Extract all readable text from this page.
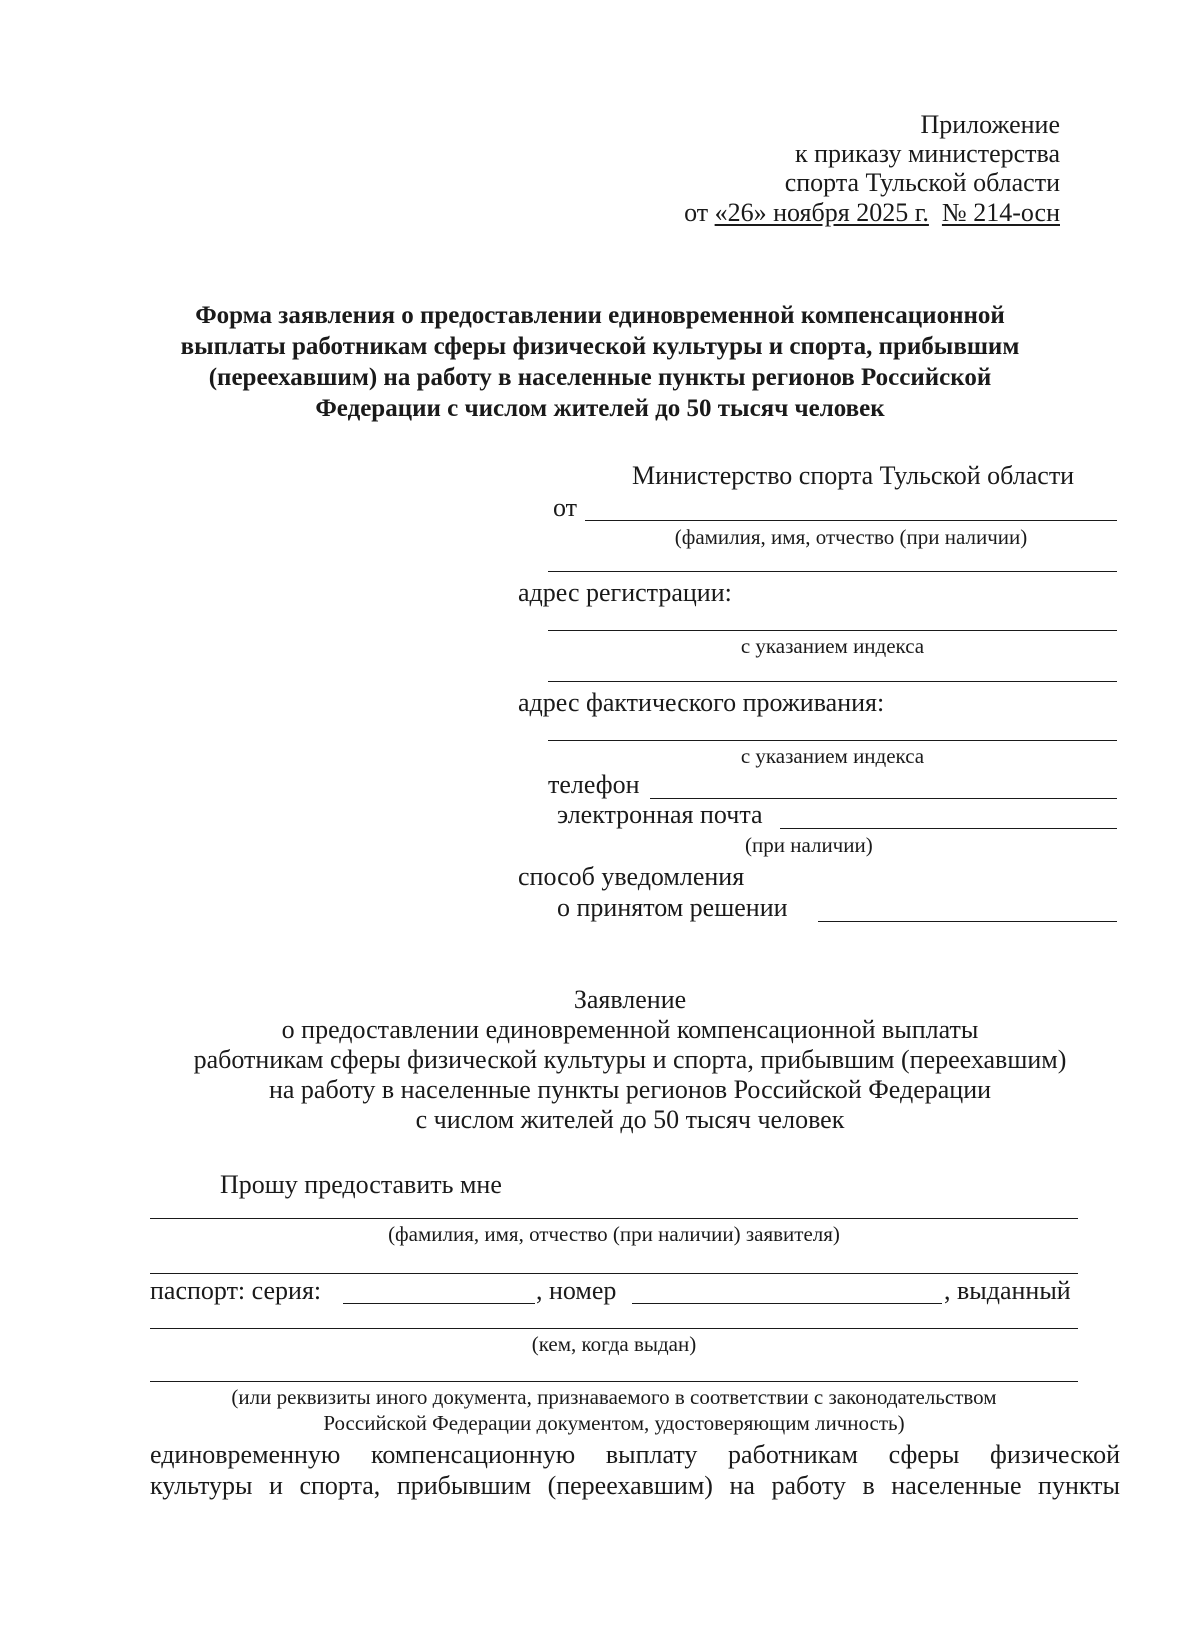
Приложение
к приказу министерства
спорта Тульской области
от «26» ноября 2025 г. № 214-осн
Форма заявления о предоставлении единовременной компенсационной
выплаты работникам сферы физической культуры и спорта, прибывшим
(переехавшим) на работу в населенные пункты регионов Российской
Федерации с числом жителей до 50 тысяч человек
Министерство спорта Тульской области
от
(фамилия, имя, отчество (при наличии)
адрес регистрации:
с указанием индекса
адрес фактического проживания:
с указанием индекса
телефон
электронная почта
(при наличии)
способ уведомления
о принятом решении
Заявление
о предоставлении единовременной компенсационной выплаты
работникам сферы физической культуры и спорта, прибывшим (переехавшим)
на работу в населенные пункты регионов Российской Федерации
с числом жителей до 50 тысяч человек
Прошу предоставить мне
(фамилия, имя, отчество (при наличии) заявителя)
паспорт: серия:	, номер	, выданный
(кем, когда выдан)
(или реквизиты иного документа, признаваемого в соответствии с законодательством
Российской Федерации документом, удостоверяющим личность)
единовременную компенсационную выплату работникам сферы физической
культуры и спорта, прибывшим (переехавшим) на работу в населенные пункты
